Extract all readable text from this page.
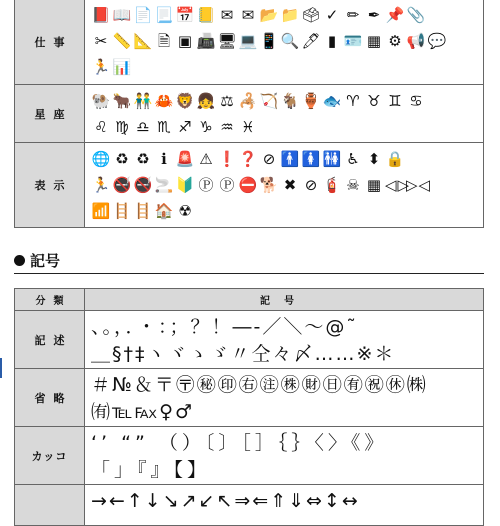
仕事
📕📖📄📃📅📒 ✉ ✉ 📂📁🗳 ✓ ✏ ✒ 📌📎
✂ 📏📐 🗎 ▣ 📠🖥💻📱🔍🖊 ▮ 🪪 ▦ ⚙ 📢💬
🏃📊
星座
🐏🐂👬🦀🦁👧 ⚖ 🦂🏹🐐🏺🐟 ♈ ♉ ♊ ♋
♌ ♍ ♎ ♏ ♐ ♑ ♒ ♓
表示
🌐 ♻ ♻ ℹ 🚨 ⚠ ❗❓ ⊘ 🚹🚺🚻 ♿ ⬍ 🔒
🏃🚭🚭🚬🔰 Ⓟ Ⓟ ⛔🐕 ✖ ⊘ 🧯 ☠ ▦ ◁▷▷◁
📶🪜🪜🏠 ☢
記号
分類	記号
記述
、。，．・：；？！―-／＼～@˜
＿§†‡ヽヾゝゞ〃仝々〆……※＊
省略
＃№＆〒〶㊙㊞㊨㊟㊑㊖㊐㊒㊗㊡㈱
㈲℡℻♀♂
カッコ
‘’ “” （）〔〕［］｛｝〈〉《》
「」『』【】
→←↑↓↘↗↙↖⇒⇐⇑⇓⇔↕↔
